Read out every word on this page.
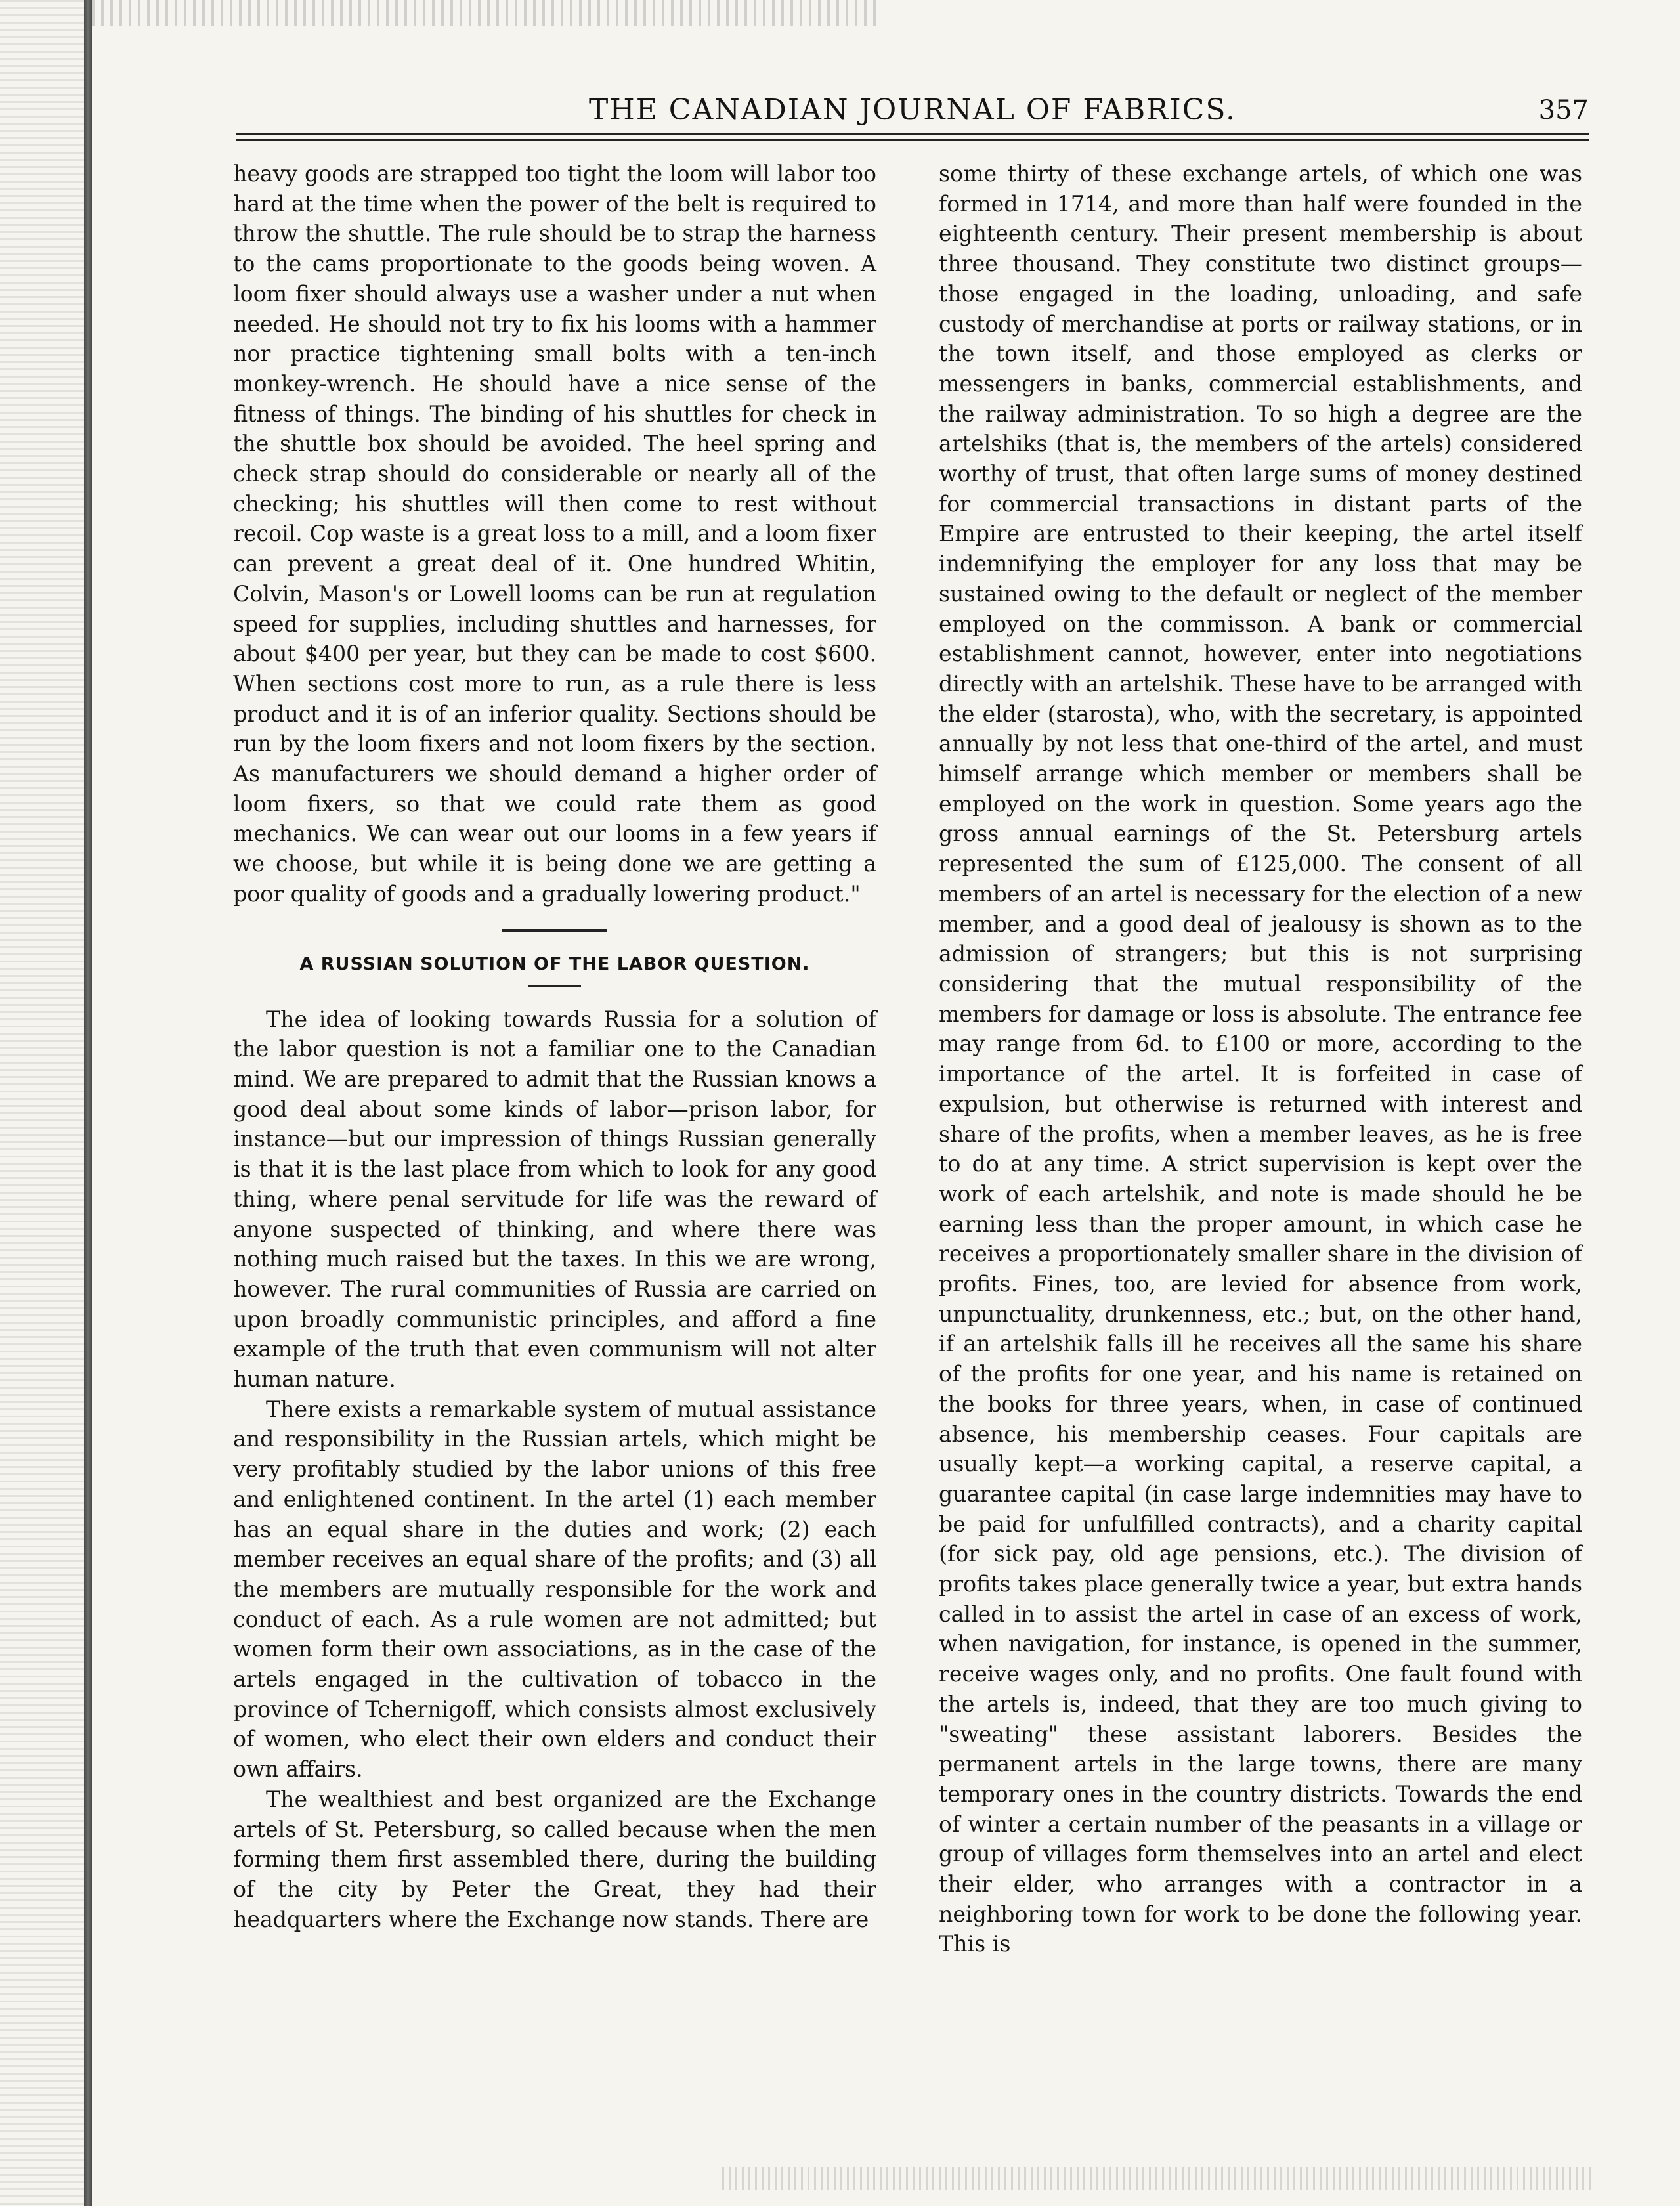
THE CANADIAN JOURNAL OF FABRICS.	357

heavy goods are strapped too tight the loom will labor too hard at the time when the power of the belt is required to throw the shuttle. The rule should be to strap the harness to the cams proportionate to the goods being woven. A loom fixer should always use a washer under a nut when needed. He should not try to fix his looms with a hammer nor practice tightening small bolts with a ten-inch monkey-wrench. He should have a nice sense of the fitness of things. The binding of his shuttles for check in the shuttle box should be avoided. The heel spring and check strap should do considerable or nearly all of the checking; his shuttles will then come to rest without recoil. Cop waste is a great loss to a mill, and a loom fixer can prevent a great deal of it. One hundred Whitin, Colvin, Mason's or Lowell looms can be run at regulation speed for supplies, including shuttles and harnesses, for about $400 per year, but they can be made to cost $600. When sections cost more to run, as a rule there is less product and it is of an inferior quality. Sections should be run by the loom fixers and not loom fixers by the section. As manufacturers we should demand a higher order of loom fixers, so that we could rate them as good mechanics. We can wear out our looms in a few years if we choose, but while it is being done we are getting a poor quality of goods and a gradually lowering product."

A RUSSIAN SOLUTION OF THE LABOR QUESTION.

The idea of looking towards Russia for a solution of the labor question is not a familiar one to the Canadian mind. We are prepared to admit that the Russian knows a good deal about some kinds of labor—prison labor, for instance—but our impression of things Russian generally is that it is the last place from which to look for any good thing, where penal servitude for life was the reward of anyone suspected of thinking, and where there was nothing much raised but the taxes. In this we are wrong, however. The rural communities of Russia are carried on upon broadly communistic principles, and afford a fine example of the truth that even communism will not alter human nature.

There exists a remarkable system of mutual assistance and responsibility in the Russian artels, which might be very profitably studied by the labor unions of this free and enlightened continent. In the artel (1) each member has an equal share in the duties and work; (2) each member receives an equal share of the profits; and (3) all the members are mutually responsible for the work and conduct of each. As a rule women are not admitted; but women form their own associations, as in the case of the artels engaged in the cultivation of tobacco in the province of Tchernigoff, which consists almost exclusively of women, who elect their own elders and conduct their own affairs.

The wealthiest and best organized are the Exchange artels of St. Petersburg, so called because when the men forming them first assembled there, during the building of the city by Peter the Great, they had their headquarters where the Exchange now stands. There are

some thirty of these exchange artels, of which one was formed in 1714, and more than half were founded in the eighteenth century. Their present membership is about three thousand. They constitute two distinct groups—those engaged in the loading, unloading, and safe custody of merchandise at ports or railway stations, or in the town itself, and those employed as clerks or messengers in banks, commercial establishments, and the railway administration. To so high a degree are the artelshiks (that is, the members of the artels) considered worthy of trust, that often large sums of money destined for commercial transactions in distant parts of the Empire are entrusted to their keeping, the artel itself indemnifying the employer for any loss that may be sustained owing to the default or neglect of the member employed on the commisson. A bank or commercial establishment cannot, however, enter into negotiations directly with an artelshik. These have to be arranged with the elder (starosta), who, with the secretary, is appointed annually by not less that one-third of the artel, and must himself arrange which member or members shall be employed on the work in question. Some years ago the gross annual earnings of the St. Petersburg artels represented the sum of £125,000. The consent of all members of an artel is necessary for the election of a new member, and a good deal of jealousy is shown as to the admission of strangers; but this is not surprising considering that the mutual responsibility of the members for damage or loss is absolute. The entrance fee may range from 6d. to £100 or more, according to the importance of the artel. It is forfeited in case of expulsion, but otherwise is returned with interest and share of the profits, when a member leaves, as he is free to do at any time. A strict supervision is kept over the work of each artelshik, and note is made should he be earning less than the proper amount, in which case he receives a proportionately smaller share in the division of profits. Fines, too, are levied for absence from work, unpunctuality, drunkenness, etc.; but, on the other hand, if an artelshik falls ill he receives all the same his share of the profits for one year, and his name is retained on the books for three years, when, in case of continued absence, his membership ceases. Four capitals are usually kept—a working capital, a reserve capital, a guarantee capital (in case large indemnities may have to be paid for unfulfilled contracts), and a charity capital (for sick pay, old age pensions, etc.). The division of profits takes place generally twice a year, but extra hands called in to assist the artel in case of an excess of work, when navigation, for instance, is opened in the summer, receive wages only, and no profits. One fault found with the artels is, indeed, that they are too much giving to "sweating" these assistant laborers. Besides the permanent artels in the large towns, there are many temporary ones in the country districts. Towards the end of winter a certain number of the peasants in a village or group of villages form themselves into an artel and elect their elder, who arranges with a contractor in a neighboring town for work to be done the following year. This is
